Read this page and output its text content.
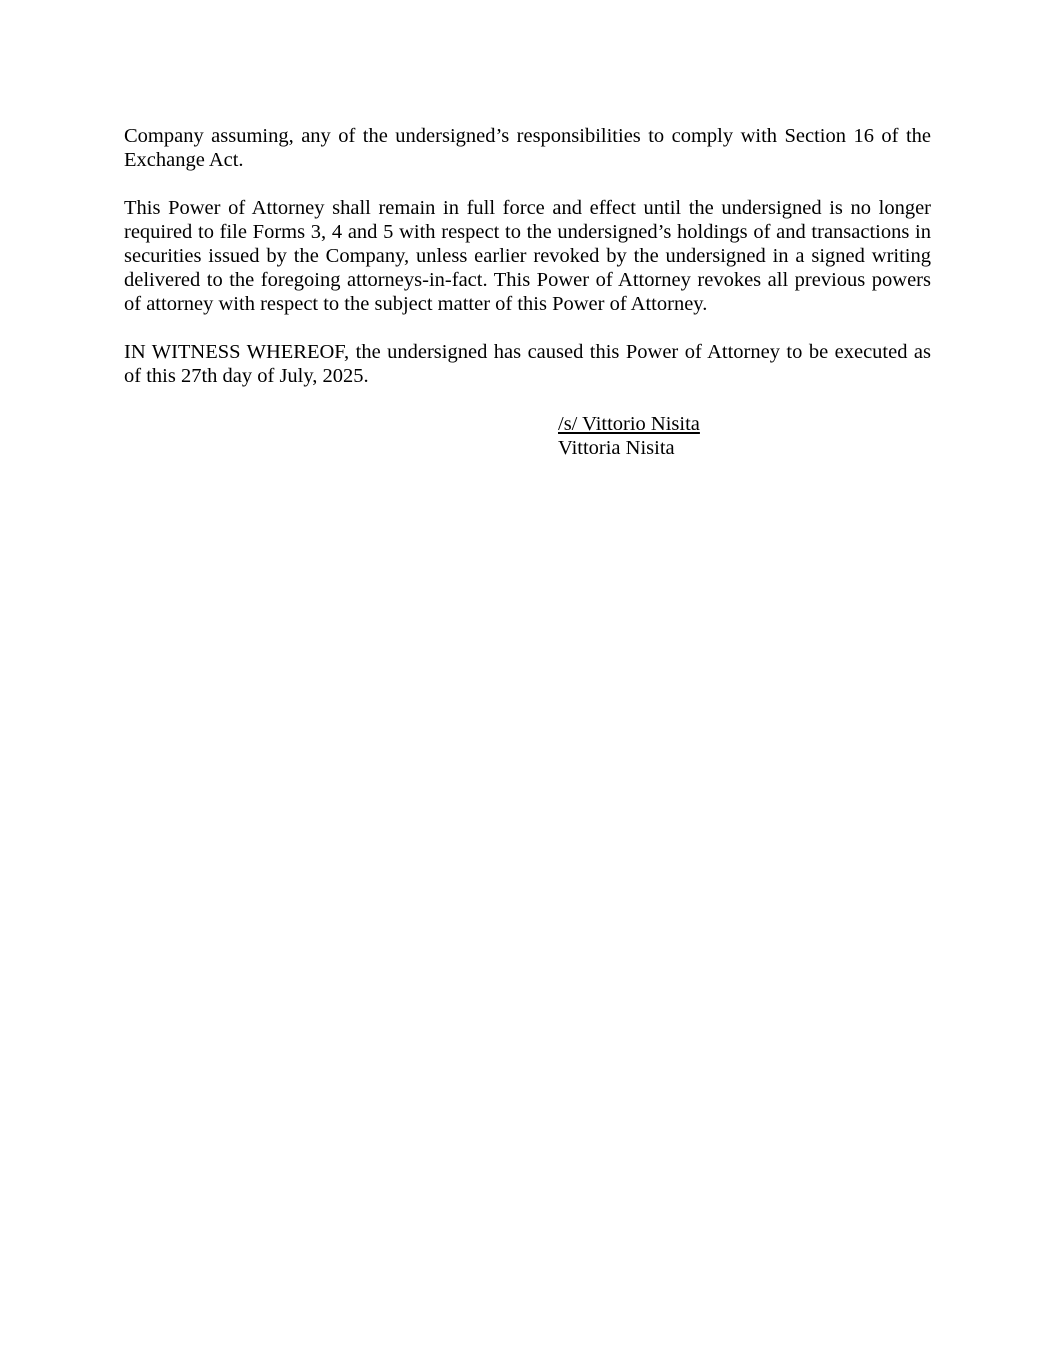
Company assuming, any of the undersigned’s responsibilities to comply with Section 16 of the Exchange Act.

This Power of Attorney shall remain in full force and effect until the undersigned is no longer required to file Forms 3, 4 and 5 with respect to the undersigned’s holdings of and transactions in securities issued by the Company, unless earlier revoked by the undersigned in a signed writing delivered to the foregoing attorneys-in-fact. This Power of Attorney revokes all previous powers of attorney with respect to the subject matter of this Power of Attorney.

IN WITNESS WHEREOF, the undersigned has caused this Power of Attorney to be executed as of this 27th day of July, 2025.

/s/ Vittorio Nisita
Vittoria Nisita
